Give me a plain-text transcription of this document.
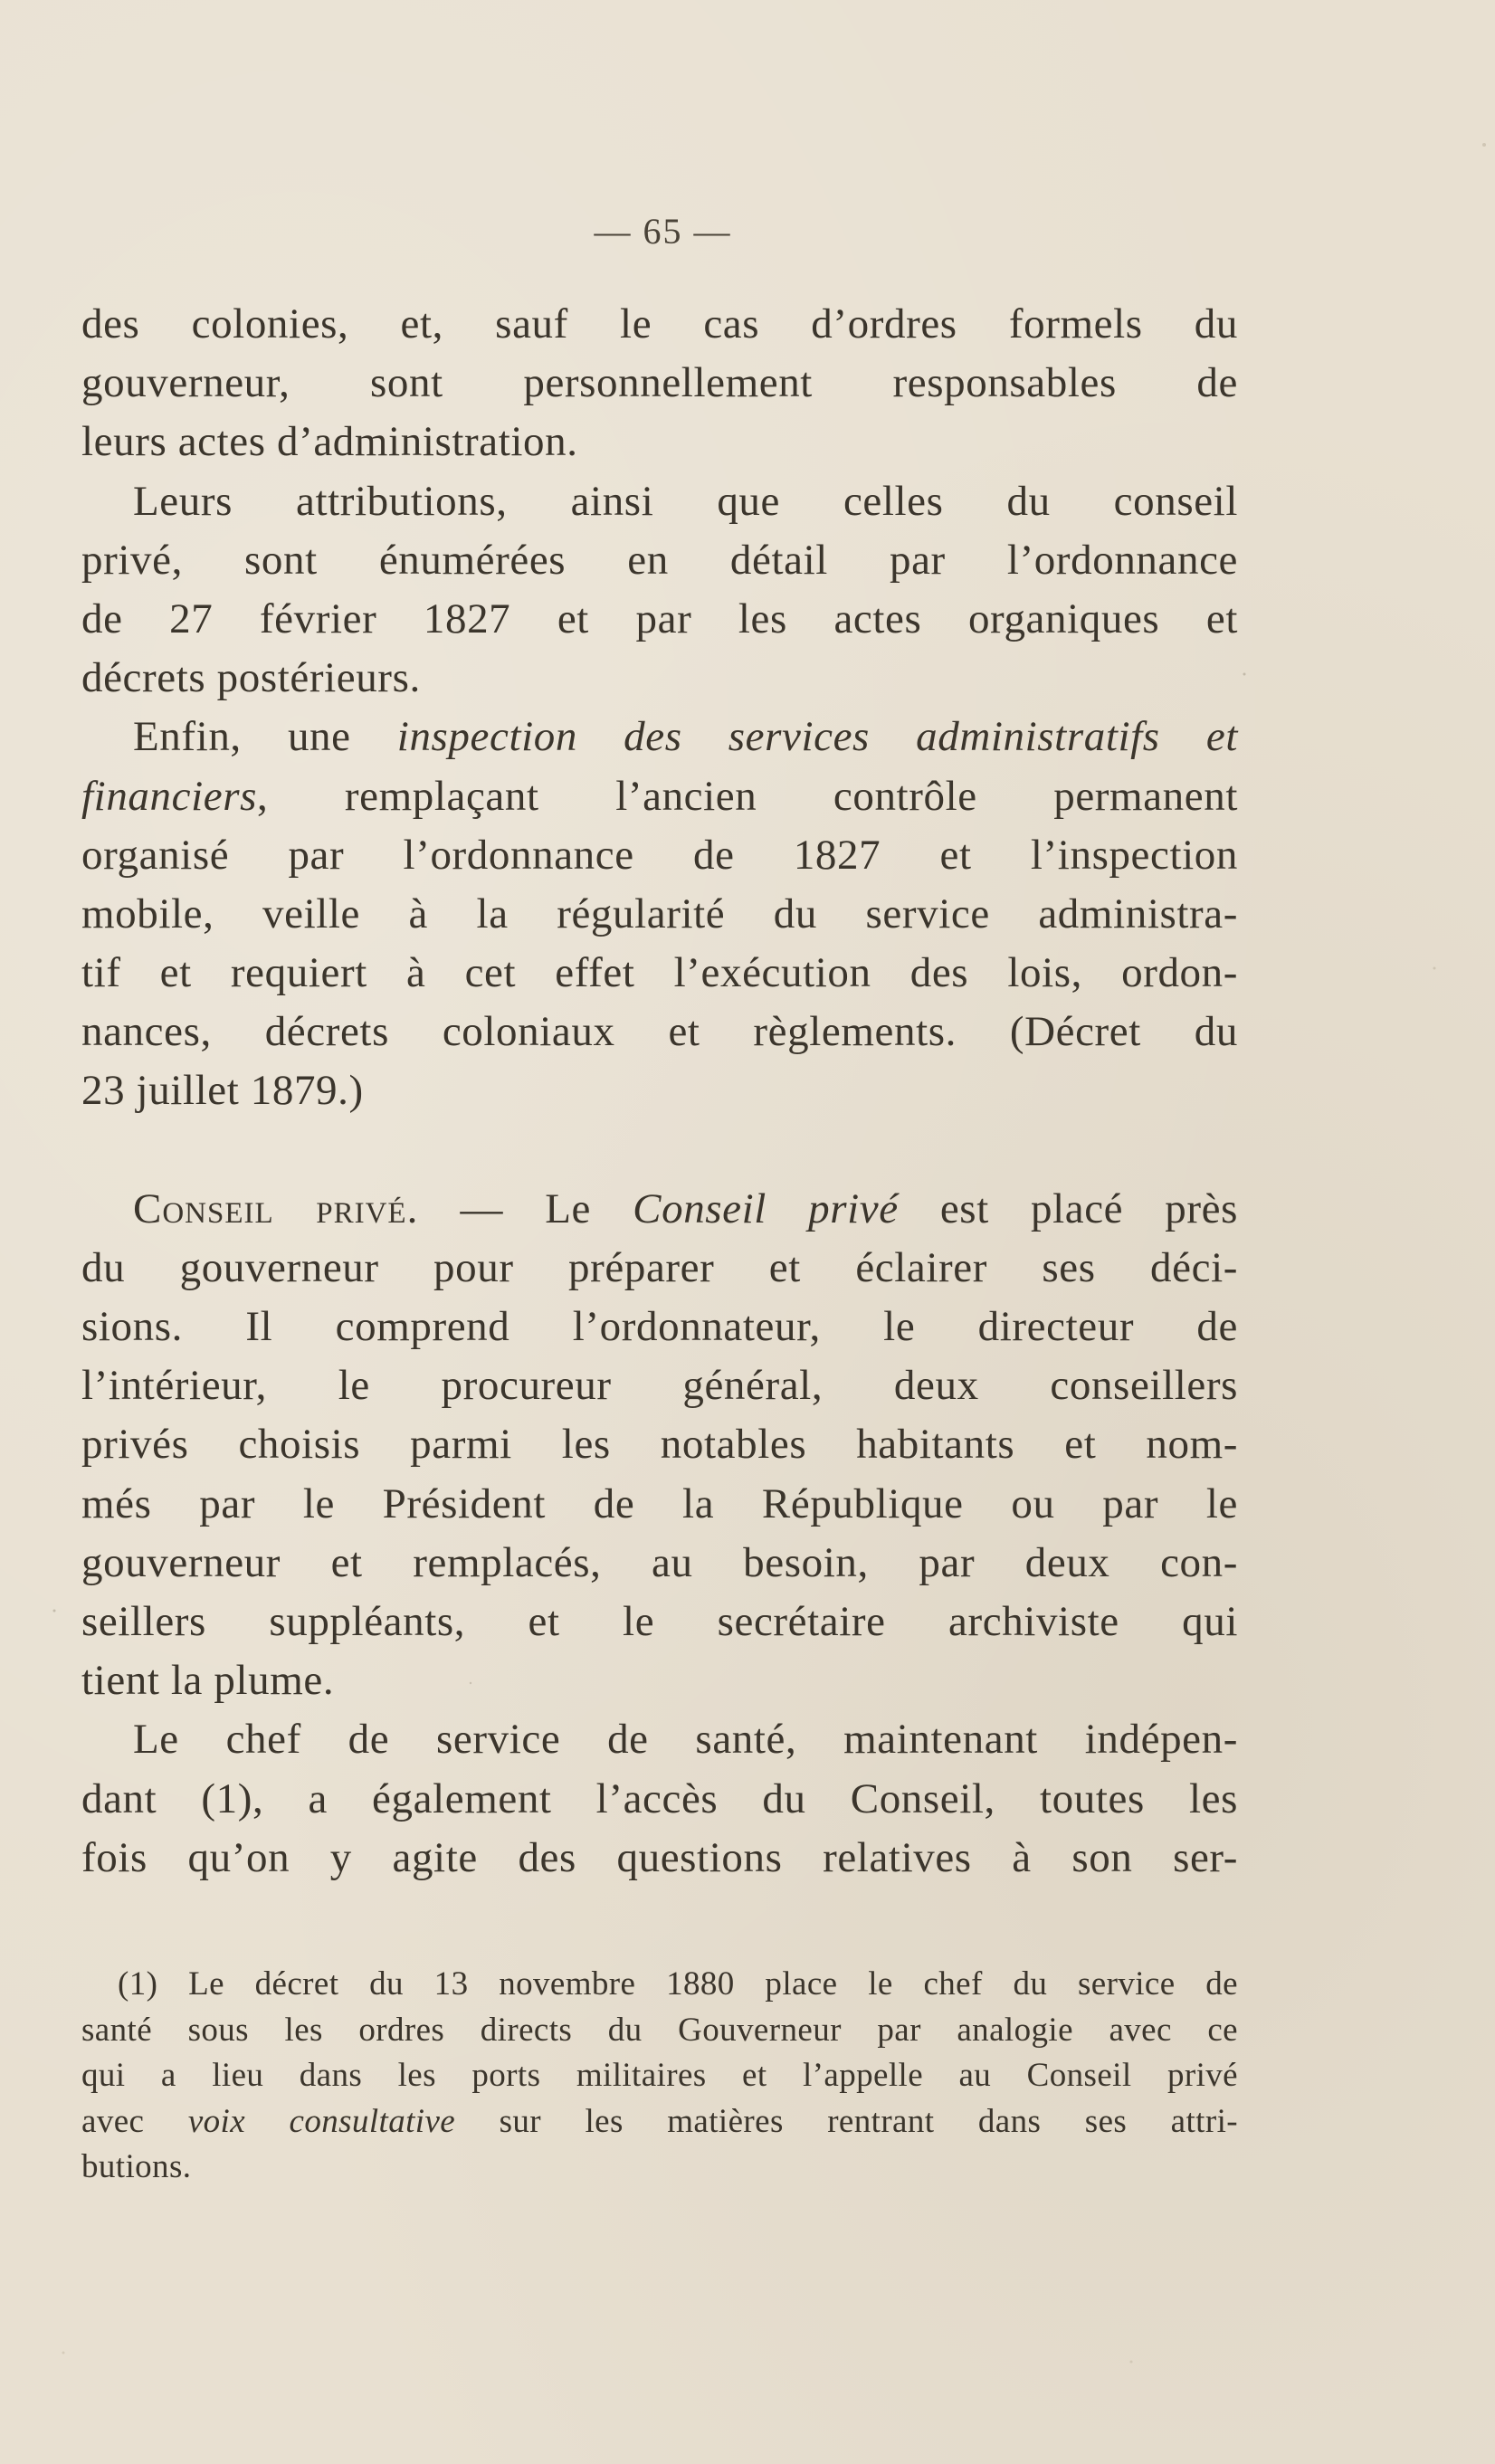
— 65 —

des colonies, et, sauf le cas d’ordres formels du
gouverneur, sont personnellement responsables de
leurs actes d’administration.

Leurs attributions, ainsi que celles du conseil
privé, sont énumérées en détail par l’ordonnance
de 27 février 1827 et par les actes organiques et
décrets postérieurs.

Enfin, une inspection des services administratifs et
financiers, remplaçant l’ancien contrôle permanent
organisé par l’ordonnance de 1827 et l’inspection
mobile, veille à la régularité du service administra-
tif et requiert à cet effet l’exécution des lois, ordon-
nances, décrets coloniaux et règlements. (Décret du
23 juillet 1879.)

Conseil privé. — Le Conseil privé est placé près
du gouverneur pour préparer et éclairer ses déci-
sions. Il comprend l’ordonnateur, le directeur de
l’intérieur, le procureur général, deux conseillers
privés choisis parmi les notables habitants et nom-
més par le Président de la République ou par le
gouverneur et remplacés, au besoin, par deux con-
seillers suppléants, et le secrétaire archiviste qui
tient la plume.

Le chef de service de santé, maintenant indépen-
dant (1), a également l’accès du Conseil, toutes les
fois qu’on y agite des questions relatives à son ser-

(1) Le décret du 13 novembre 1880 place le chef du service de
santé sous les ordres directs du Gouverneur par analogie avec ce
qui a lieu dans les ports militaires et l’appelle au Conseil privé
avec voix consultative sur les matières rentrant dans ses attri-
butions.
